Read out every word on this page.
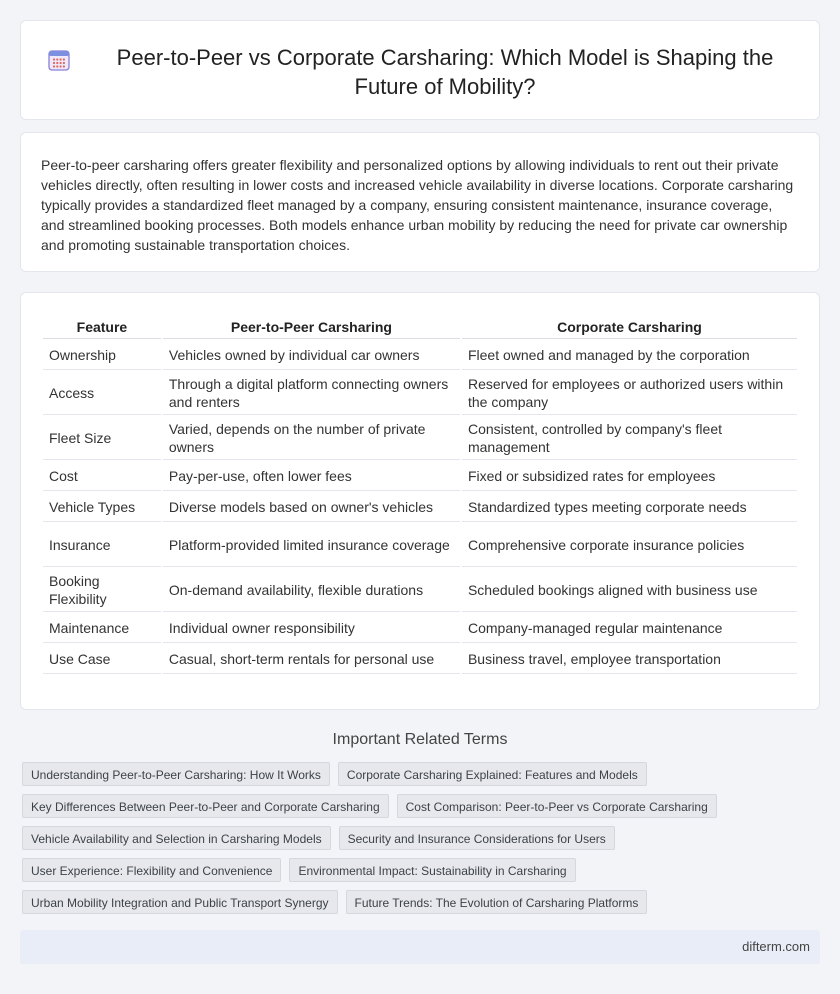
Peer-to-Peer vs Corporate Carsharing: Which Model is Shaping the Future of Mobility?

Peer-to-peer carsharing offers greater flexibility and personalized options by allowing individuals to rent out their private vehicles directly, often resulting in lower costs and increased vehicle availability in diverse locations. Corporate carsharing typically provides a standardized fleet managed by a company, ensuring consistent maintenance, insurance coverage, and streamlined booking processes. Both models enhance urban mobility by reducing the need for private car ownership and promoting sustainable transportation choices.

Feature	Peer-to-Peer Carsharing	Corporate Carsharing
Ownership	Vehicles owned by individual car owners	Fleet owned and managed by the corporation
Access	Through a digital platform connecting owners and renters	Reserved for employees or authorized users within the company
Fleet Size	Varied, depends on the number of private owners	Consistent, controlled by company's fleet management
Cost	Pay-per-use, often lower fees	Fixed or subsidized rates for employees
Vehicle Types	Diverse models based on owner's vehicles	Standardized types meeting corporate needs
Insurance	Platform-provided limited insurance coverage	Comprehensive corporate insurance policies
Booking Flexibility	On-demand availability, flexible durations	Scheduled bookings aligned with business use
Maintenance	Individual owner responsibility	Company-managed regular maintenance
Use Case	Casual, short-term rentals for personal use	Business travel, employee transportation
Important Related Terms
Understanding Peer-to-Peer Carsharing: How It Works	Corporate Carsharing Explained: Features and Models
Key Differences Between Peer-to-Peer and Corporate Carsharing	Cost Comparison: Peer-to-Peer vs Corporate Carsharing
Vehicle Availability and Selection in Carsharing Models	Security and Insurance Considerations for Users
User Experience: Flexibility and Convenience	Environmental Impact: Sustainability in Carsharing
Urban Mobility Integration and Public Transport Synergy	Future Trends: The Evolution of Carsharing Platforms
difterm.com
